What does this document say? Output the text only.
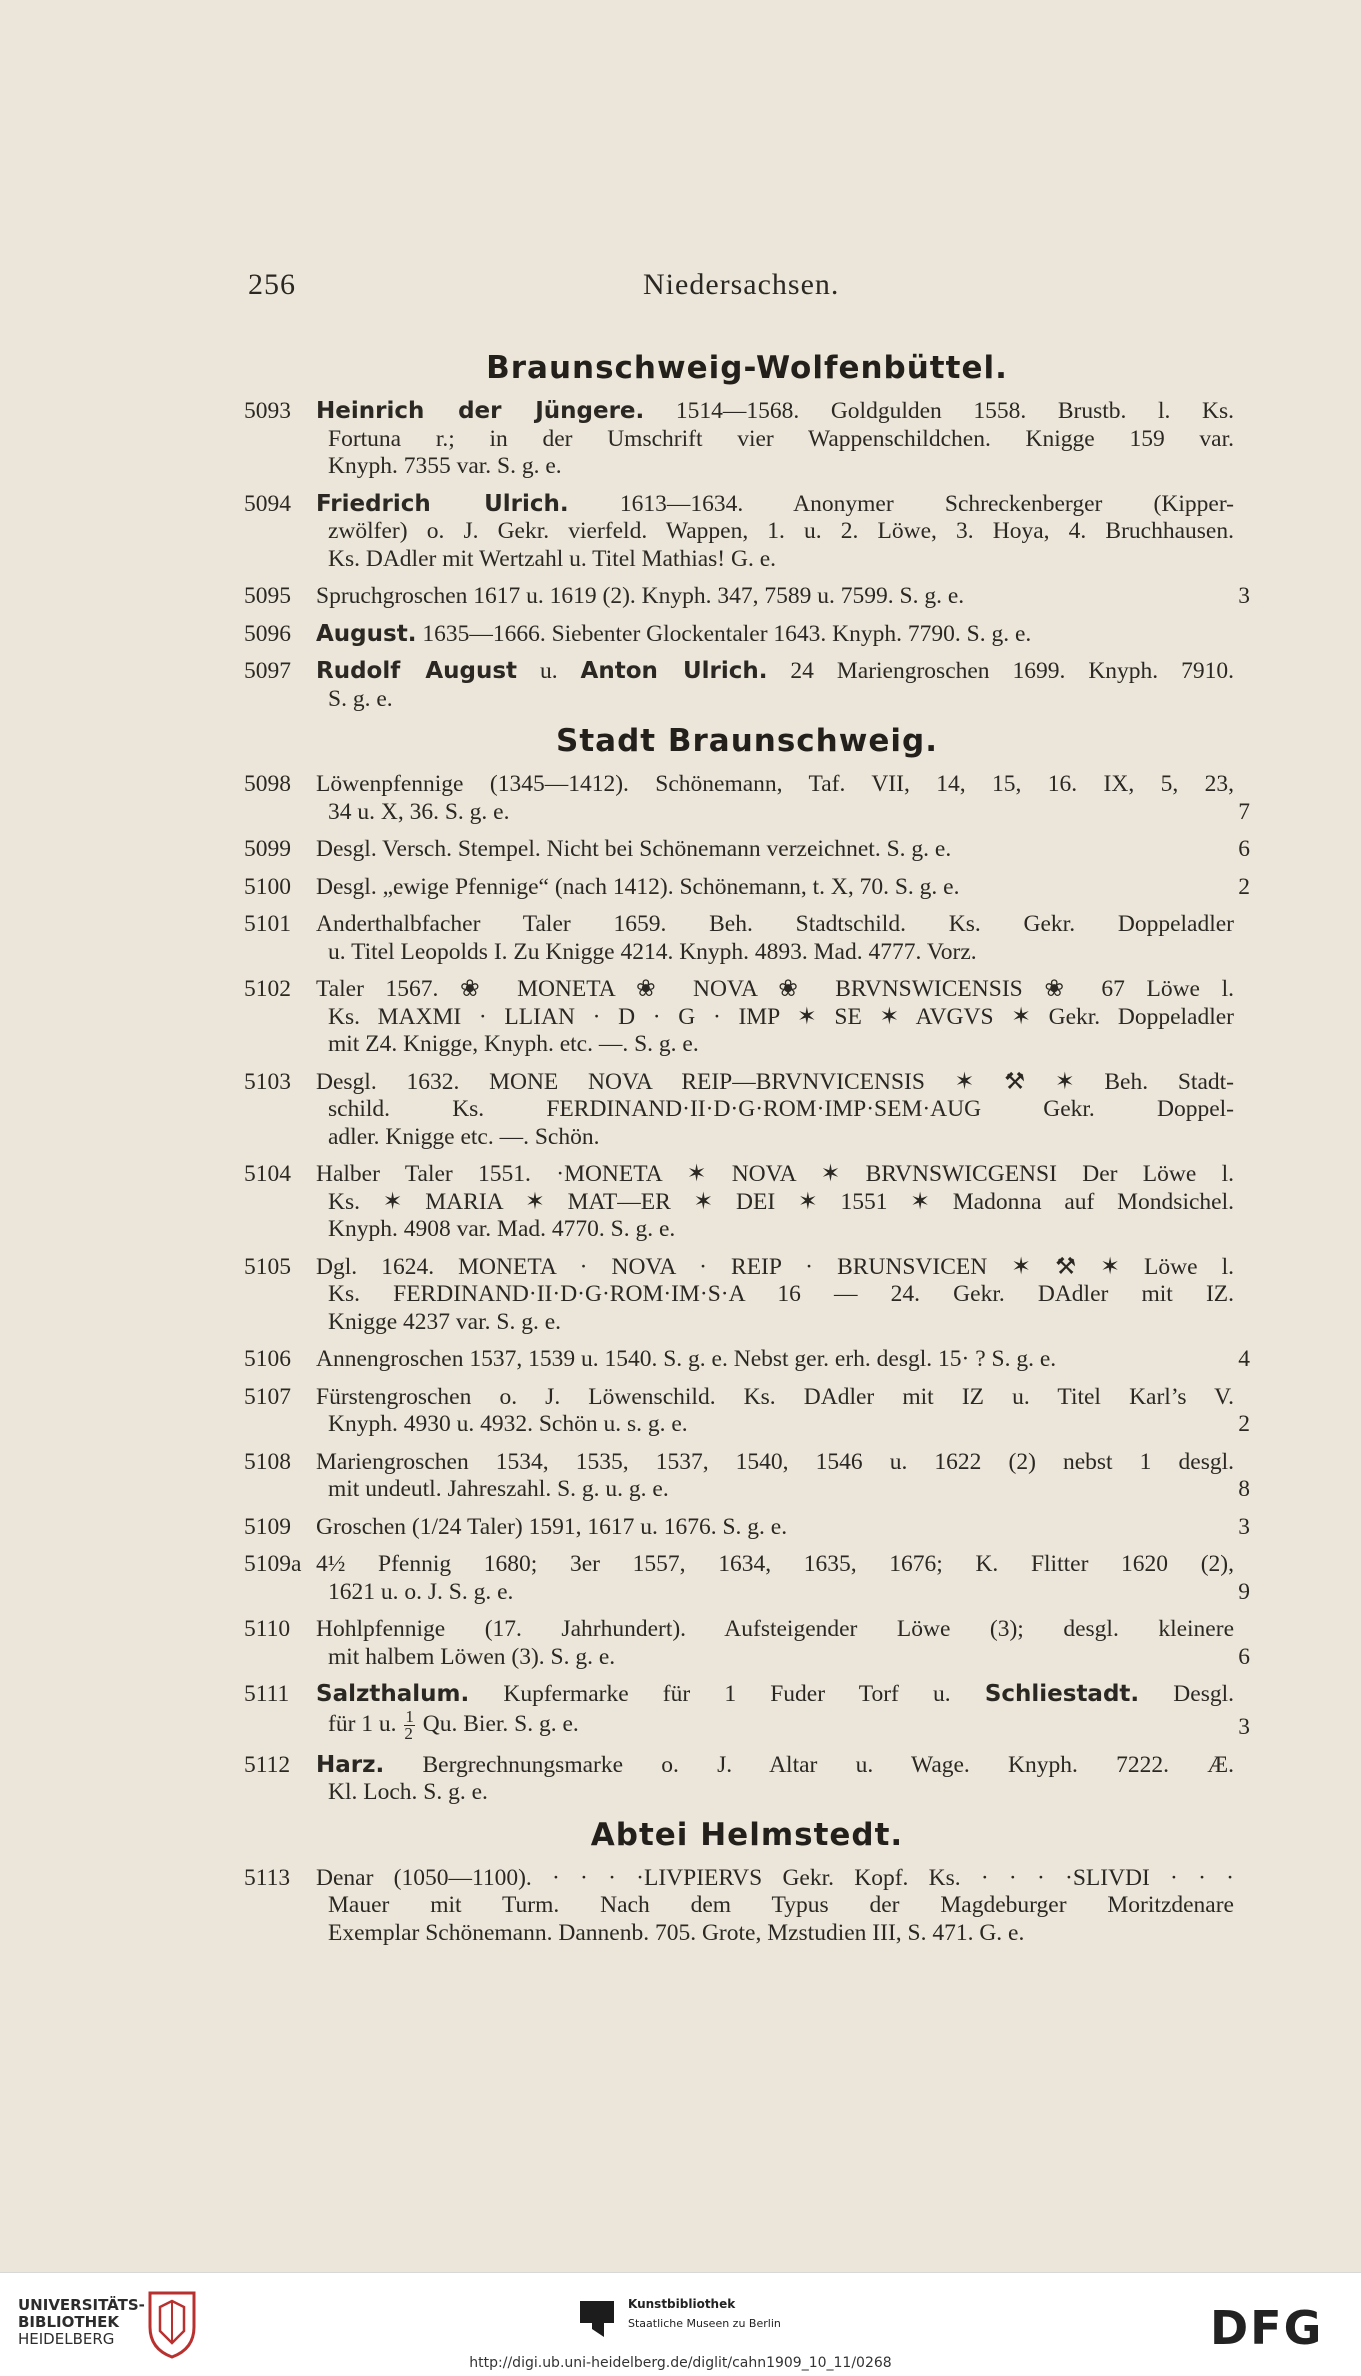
256	Niedersachsen.
Braunschweig-Wolfenbüttel.
5093 Heinrich der Jüngere. 1514—1568. Goldgulden 1558. Brustb. l. Ks.
Fortuna r.; in der Umschrift vier Wappenschildchen. Knigge 159 var.
Knyph. 7355 var. S. g. e.
5094 Friedrich Ulrich. 1613—1634. Anonymer Schreckenberger (Kipper-
zwölfer) o. J. Gekr. vierfeld. Wappen, 1. u. 2. Löwe, 3. Hoya, 4. Bruchhausen.
Ks. DAdler mit Wertzahl u. Titel Mathias! G. e.
5095 Spruchgroschen 1617 u. 1619 (2). Knyph. 347, 7589 u. 7599. S. g. e.	3
5096 August. 1635—1666. Siebenter Glockentaler 1643. Knyph. 7790. S. g. e.
5097 Rudolf August u. Anton Ulrich. 24 Mariengroschen 1699. Knyph. 7910.
S. g. e.
Stadt Braunschweig.
5098 Löwenpfennige (1345—1412). Schönemann, Taf. VII, 14, 15, 16. IX, 5, 23,
34 u. X, 36. S. g. e.	7
5099 Desgl. Versch. Stempel. Nicht bei Schönemann verzeichnet. S. g. e.	6
5100 Desgl. „ewige Pfennige“ (nach 1412). Schönemann, t. X, 70. S. g. e.	2
5101 Anderthalbfacher Taler 1659. Beh. Stadtschild. Ks. Gekr. Doppeladler
u. Titel Leopolds I. Zu Knigge 4214. Knyph. 4893. Mad. 4777. Vorz.
5102 Taler 1567. ❀ MONETA ❀ NOVA ❀ BRVNSWICENSIS ❀ 67 Löwe l.
Ks. MAXMI · LLIAN · D · G · IMP ✶ SE ✶ AVGVS ✶ Gekr. Doppeladler
mit Z4. Knigge, Knyph. etc. —. S. g. e.
5103 Desgl. 1632. MONE NOVA REIP—BRVNVICENSIS ✶ ⚒ ✶ Beh. Stadt-
schild. Ks. FERDINAND·II·D·G·ROM·IMP·SEM·AUG Gekr. Doppel-
adler. Knigge etc. —. Schön.
5104 Halber Taler 1551. ·MONETA ✶ NOVA ✶ BRVNSWICGENSI Der Löwe l.
Ks. ✶ MARIA ✶ MAT—ER ✶ DEI ✶ 1551 ✶ Madonna auf Mondsichel.
Knyph. 4908 var. Mad. 4770. S. g. e.
5105 Dgl. 1624. MONETA · NOVA · REIP · BRUNSVICEN ✶ ⚒ ✶ Löwe l.
Ks. FERDINAND·II·D·G·ROM·IM·S·A 16 — 24. Gekr. DAdler mit IZ.
Knigge 4237 var. S. g. e.
5106 Annengroschen 1537, 1539 u. 1540. S. g. e. Nebst ger. erh. desgl. 15· ? S. g. e.	4
5107 Fürstengroschen o. J. Löwenschild. Ks. DAdler mit IZ u. Titel Karl’s V.
Knyph. 4930 u. 4932. Schön u. s. g. e.	2
5108 Mariengroschen 1534, 1535, 1537, 1540, 1546 u. 1622 (2) nebst 1 desgl.
mit undeutl. Jahreszahl. S. g. u. g. e.	8
5109 Groschen (1/24 Taler) 1591, 1617 u. 1676. S. g. e.	3
5109a 4½ Pfennig 1680; 3er 1557, 1634, 1635, 1676; K. Flitter 1620 (2),
1621 u. o. J. S. g. e.	9
5110 Hohlpfennige (17. Jahrhundert). Aufsteigender Löwe (3); desgl. kleinere
mit halbem Löwen (3). S. g. e.	6
5111 Salzthalum. Kupfermarke für 1 Fuder Torf u. Schliestadt. Desgl.
für 1 u. $\frac{1}{2} Qu$. Bier. S. g. e.	3
5112 Harz. Bergrechnungsmarke o. J. Altar u. Wage. Knyph. 7222. Æ.
Kl. Loch. S. g. e.
Abtei Helmstedt.
5113 Denar (1050—1100). · · · ·LIVPIERVS Gekr. Kopf. Ks. · · · ·SLIVDI · · ·
Mauer mit Turm. Nach dem Typus der Magdeburger Moritzdenare
Exemplar Schönemann. Dannenb. 705. Grote, Mzstudien III, S. 471. G. e.
UNIVERSITÄTS-
BIBLIOTHEK
HEIDELBERG
Kunstbibliothek
Staatliche Museen zu Berlin	DFG
http://digi.ub.uni-heidelberg.de/diglit/cahn1909_10_11/0268
